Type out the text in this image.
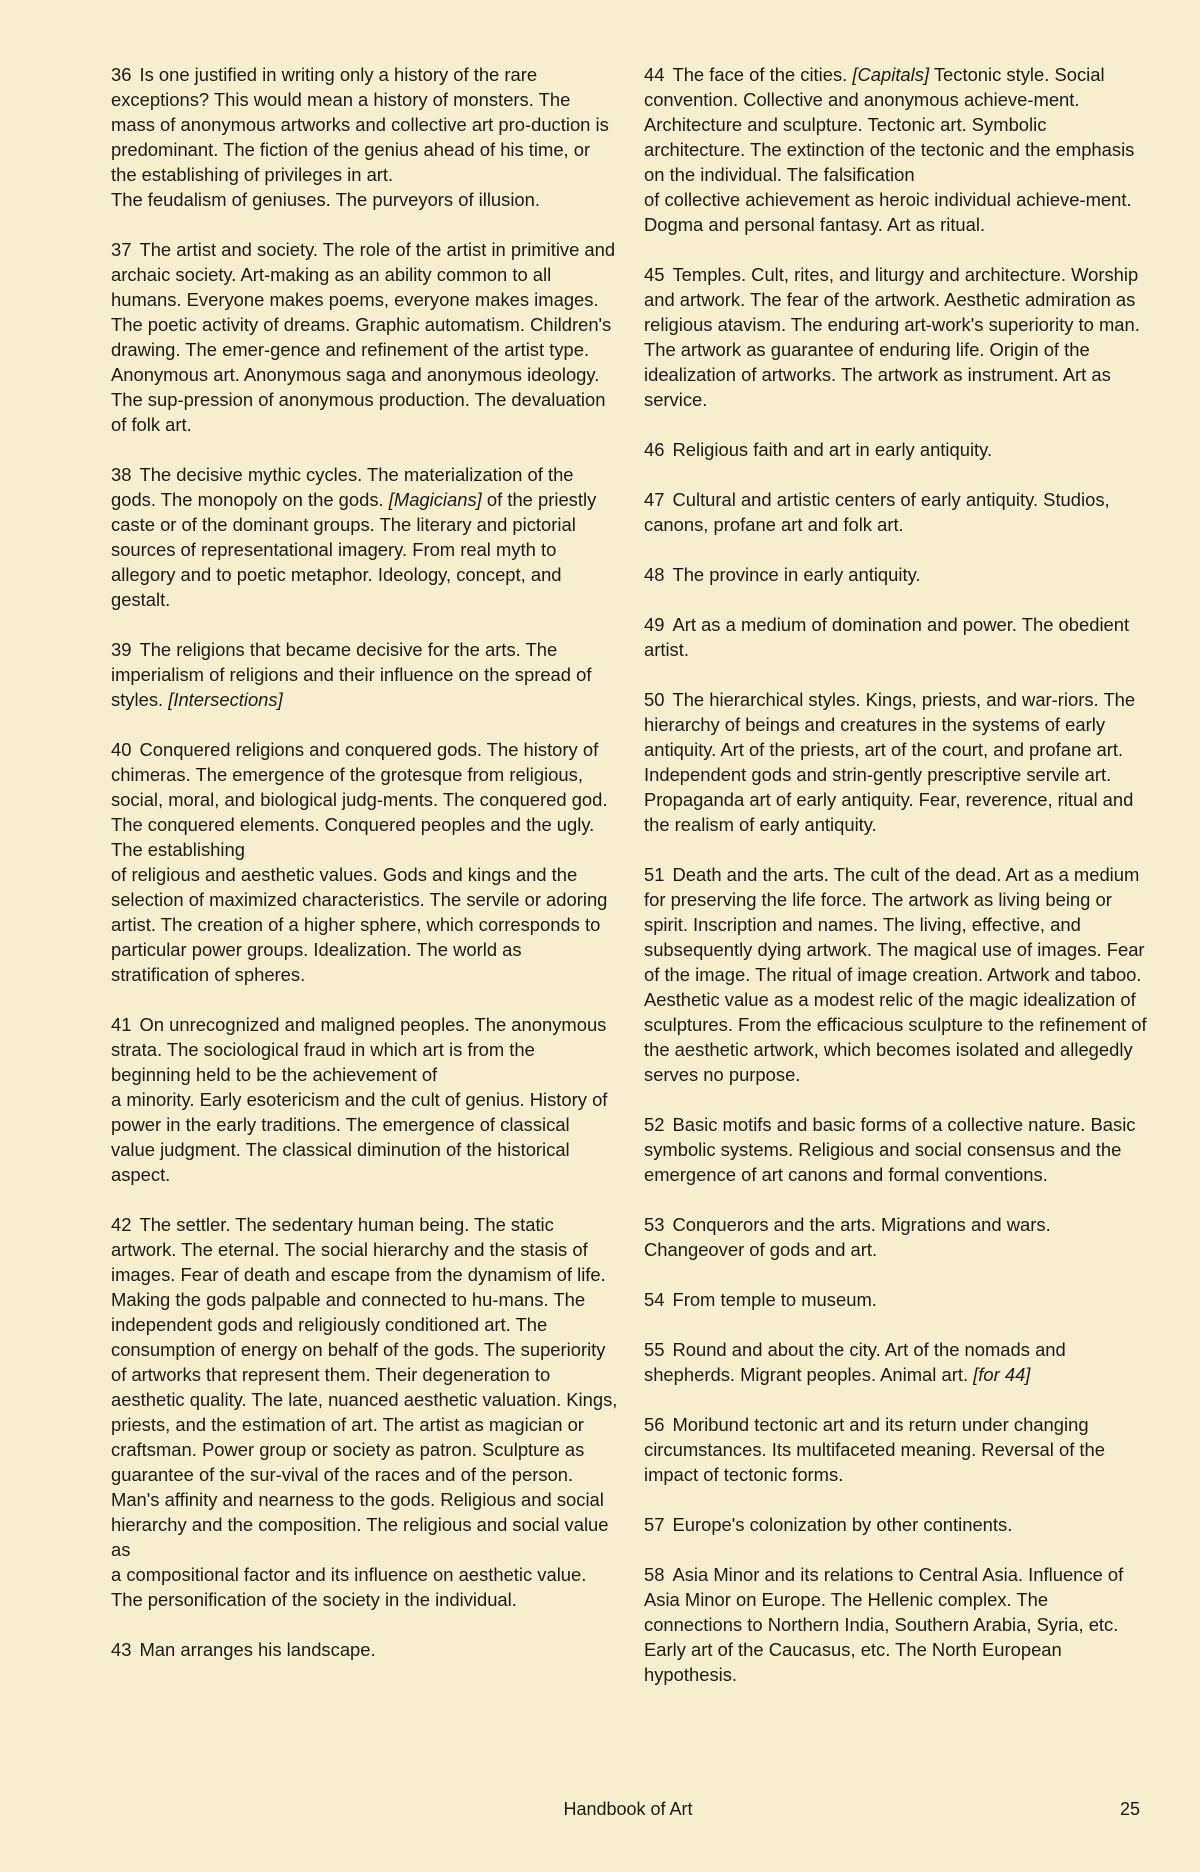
36 Is one justified in writing only a history of the rare exceptions? This would mean a history of monsters. The mass of anonymous artworks and collective art pro-duction is predominant. The fiction of the genius ahead of his time, or the establishing of privileges in art.
The feudalism of geniuses. The purveyors of illusion.

37 The artist and society. The role of the artist in primitive and archaic society. Art-making as an ability common to all humans. Everyone makes poems, everyone makes images. The poetic activity of dreams. Graphic automatism. Children's drawing. The emer-gence and refinement of the artist type. Anonymous art. Anonymous saga and anonymous ideology. The sup-pression of anonymous production. The devaluation of folk art.

38 The decisive mythic cycles. The materialization of the gods. The monopoly on the gods. [Magicians] of the priestly caste or of the dominant groups. The literary and pictorial sources of representational imagery. From real myth to allegory and to poetic metaphor. Ideology, concept, and gestalt.

39 The religions that became decisive for the arts. The imperialism of religions and their influence on the spread of styles. [Intersections]

40 Conquered religions and conquered gods. The history of chimeras. The emergence of the grotesque from religious, social, moral, and biological judg-ments. The conquered god. The conquered elements. Conquered peoples and the ugly. The establishing
of religious and aesthetic values. Gods and kings and the selection of maximized characteristics. The servile or adoring artist. The creation of a higher sphere, which corresponds to particular power groups. Idealization. The world as stratification of spheres.

41 On unrecognized and maligned peoples. The anonymous strata. The sociological fraud in which art is from the beginning held to be the achievement of
a minority. Early esotericism and the cult of genius. History of power in the early traditions. The emergence of classical value judgment. The classical diminution of the historical aspect.

42 The settler. The sedentary human being. The static artwork. The eternal. The social hierarchy and the stasis of images. Fear of death and escape from the dynamism of life. Making the gods palpable and connected to hu-mans. The independent gods and religiously conditioned art. The consumption of energy on behalf of the gods. The superiority of artworks that represent them. Their degeneration to aesthetic quality. The late, nuanced aesthetic valuation. Kings, priests, and the estimation of art. The artist as magician or craftsman. Power group or society as patron. Sculpture as guarantee of the sur-vival of the races and of the person. Man's affinity and nearness to the gods. Religious and social hierarchy and the composition. The religious and social value as
a compositional factor and its influence on aesthetic value. The personification of the society in the individual.

43 Man arranges his landscape.

44 The face of the cities. [Capitals] Tectonic style. Social convention. Collective and anonymous achieve-ment. Architecture and sculpture. Tectonic art. Symbolic architecture. The extinction of the tectonic and the emphasis on the individual. The falsification
of collective achievement as heroic individual achieve-ment. Dogma and personal fantasy. Art as ritual.

45 Temples. Cult, rites, and liturgy and architecture. Worship and artwork. The fear of the artwork. Aesthetic admiration as religious atavism. The enduring art-work's superiority to man. The artwork as guarantee of enduring life. Origin of the idealization of artworks. The artwork as instrument. Art as service.

46 Religious faith and art in early antiquity.

47 Cultural and artistic centers of early antiquity. Studios, canons, profane art and folk art.

48 The province in early antiquity.

49 Art as a medium of domination and power. The obedient artist.

50 The hierarchical styles. Kings, priests, and war-riors. The hierarchy of beings and creatures in the systems of early antiquity. Art of the priests, art of the court, and profane art. Independent gods and strin-gently prescriptive servile art. Propaganda art of early antiquity. Fear, reverence, ritual and the realism of early antiquity.

51 Death and the arts. The cult of the dead. Art as a medium for preserving the life force. The artwork as living being or spirit. Inscription and names. The living, effective, and subsequently dying artwork. The magical use of images. Fear of the image. The ritual of image creation. Artwork and taboo. Aesthetic value as a modest relic of the magic idealization of sculptures. From the efficacious sculpture to the refinement of the aesthetic artwork, which becomes isolated and allegedly serves no purpose.

52 Basic motifs and basic forms of a collective nature. Basic symbolic systems. Religious and social consensus and the emergence of art canons and formal conventions.

53 Conquerors and the arts. Migrations and wars. Changeover of gods and art.

54 From temple to museum.

55 Round and about the city. Art of the nomads and shepherds. Migrant peoples. Animal art. [for 44]

56 Moribund tectonic art and its return under changing circumstances. Its multifaceted meaning. Reversal of the impact of tectonic forms.

57 Europe's colonization by other continents.

58 Asia Minor and its relations to Central Asia. Influence of Asia Minor on Europe. The Hellenic complex. The connections to Northern India, Southern Arabia, Syria, etc. Early art of the Caucasus, etc. The North European hypothesis.

Handbook of Art	25
